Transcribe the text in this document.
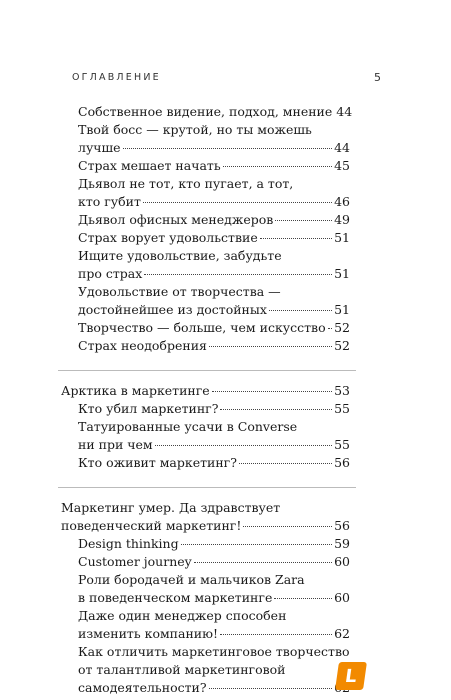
ОГЛАВЛЕНИЕ	5
Собственное видение, подход, мнение 44
Твой босс — крутой, но ты можешь
лучше	44
Страх мешает начать	45
Дьявол не тот, кто пугает, а тот,
кто губит	46
Дьявол офисных менеджеров	49
Страх ворует удовольствие	51
Ищите удовольствие, забудьте
про страх	51
Удовольствие от творчества —
достойнейшее из достойных	51
Творчество — больше, чем искусство 52
Страх неодобрения	52
Арктика в маркетинге	53
Кто убил маркетинг?	55
Татуированные усачи в Converse
ни при чем	55
Кто оживит маркетинг?	56
Маркетинг умер. Да здравствует
поведенческий маркетинг!	56
Design thinking	59
Customer journey	60
Роли бородачей и мальчиков Zara
в поведенческом маркетинге	60
Даже один менеджер способен
изменить компанию!	62
Как отличить маркетинговое творчество
от талантливой маркетинговой
самодеятельности?
L
